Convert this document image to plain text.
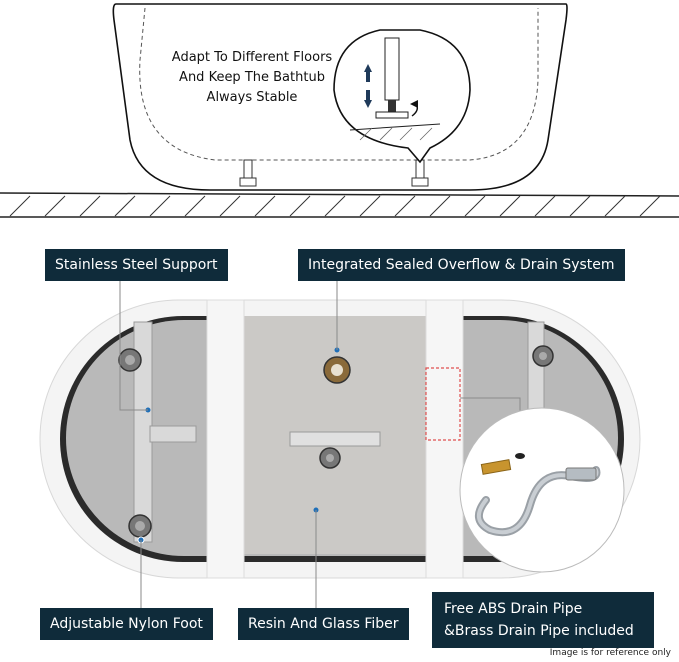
Adapt To Different Floors
And Keep The Bathtub
Always Stable
Stainless Steel Support	Integrated Sealed Overflow & Drain System
Adjustable Nylon Foot	Resin And Glass Fiber
Free ABS Drain Pipe
&Brass Drain Pipe included
Image is for reference only
